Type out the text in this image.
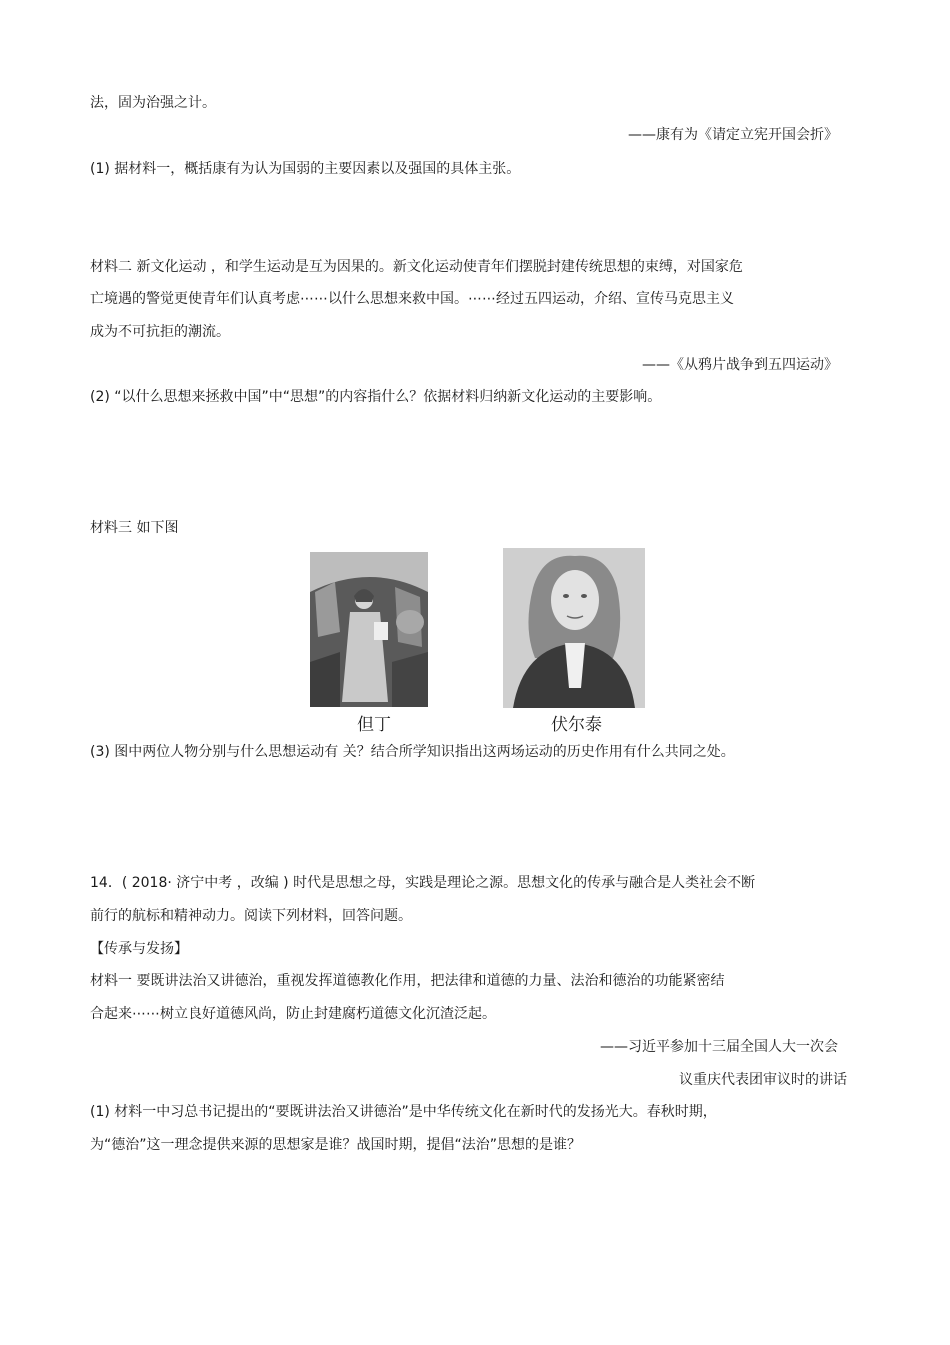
法，固为治强之计。
——康有为《请定立宪开国会折》
(1) 据材料一，概括康有为认为国弱的主要因素以及强国的具体主张。
材料二 新文化运动 ，和学生运动是互为因果的。新文化运动使青年们摆脱封建传统思想的束缚，对国家危
亡境遇的警觉更使青年们认真考虑⋯⋯以什么思想来救中国。⋯⋯经过五四运动，介绍、宣传马克思主义
成为不可抗拒的潮流。
——《从鸦片战争到五四运动》
(2) “以什么思想来拯救中国”中“思想”的内容指什么？依据材料归纳新文化运动的主要影响。
材料三 如下图
但丁	伏尔泰
(3) 图中两位人物分别与什么思想运动有 关？结合所学知识指出这两场运动的历史作用有什么共同之处。
14．( 2018· 济宁中考 ，改编 ) 时代是思想之母，实践是理论之源。思想文化的传承与融合是人类社会不断
前行的航标和精神动力。阅读下列材料，回答问题。
【传承与发扬】
材料一 要既讲法治又讲德治，重视发挥道德教化作用，把法律和道德的力量、法治和德治的功能紧密结
合起来⋯⋯树立良好道德风尚，防止封建腐朽道德文化沉渣泛起。
——习近平参加十三届全国人大一次会
议重庆代表团审议时的讲话
(1) 材料一中习总书记提出的“要既讲法治又讲德治”是中华传统文化在新时代的发扬光大。春秋时期，
为“德治”这一理念提供来源的思想家是谁？战国时期，提倡“法治”思想的是谁？
